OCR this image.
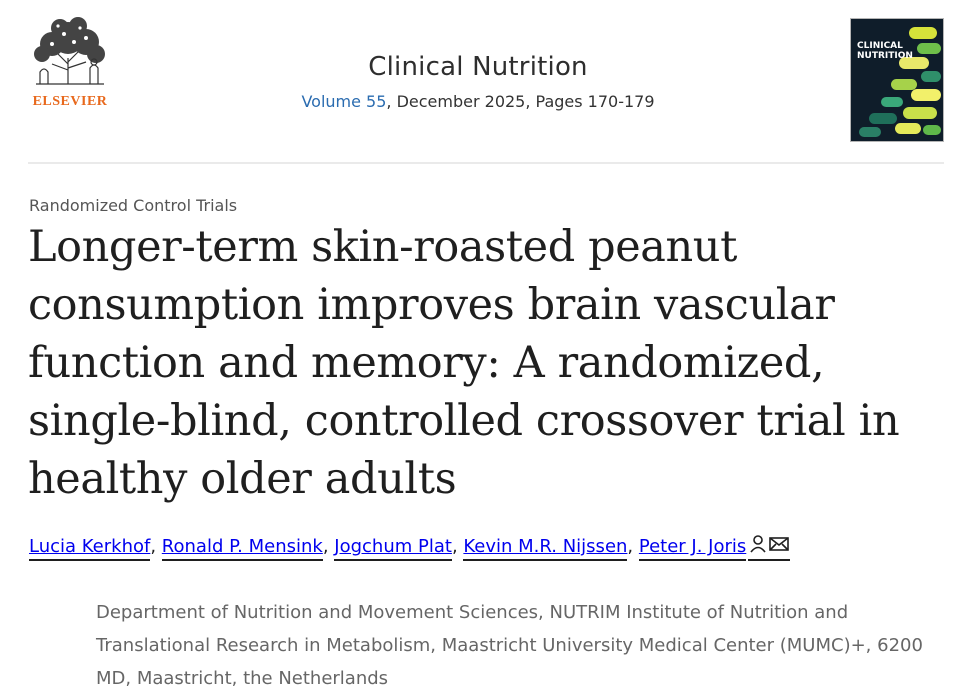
ELSEVIER
Clinical Nutrition
Volume 55, December 2025, Pages 170-179
CLINICAL
NUTRITION
Randomized Control Trials
Longer-term skin-roasted peanut consumption improves brain vascular function and memory: A randomized, single-blind, controlled crossover trial in healthy older adults
Lucia Kerkhof, Ronald P. Mensink, Jogchum Plat, Kevin M.R. Nijssen, Peter J. Joris

Department of Nutrition and Movement Sciences, NUTRIM Institute of Nutrition and Translational Research in Metabolism, Maastricht University Medical Center (MUMC)+, 6200 MD, Maastricht, the Netherlands
